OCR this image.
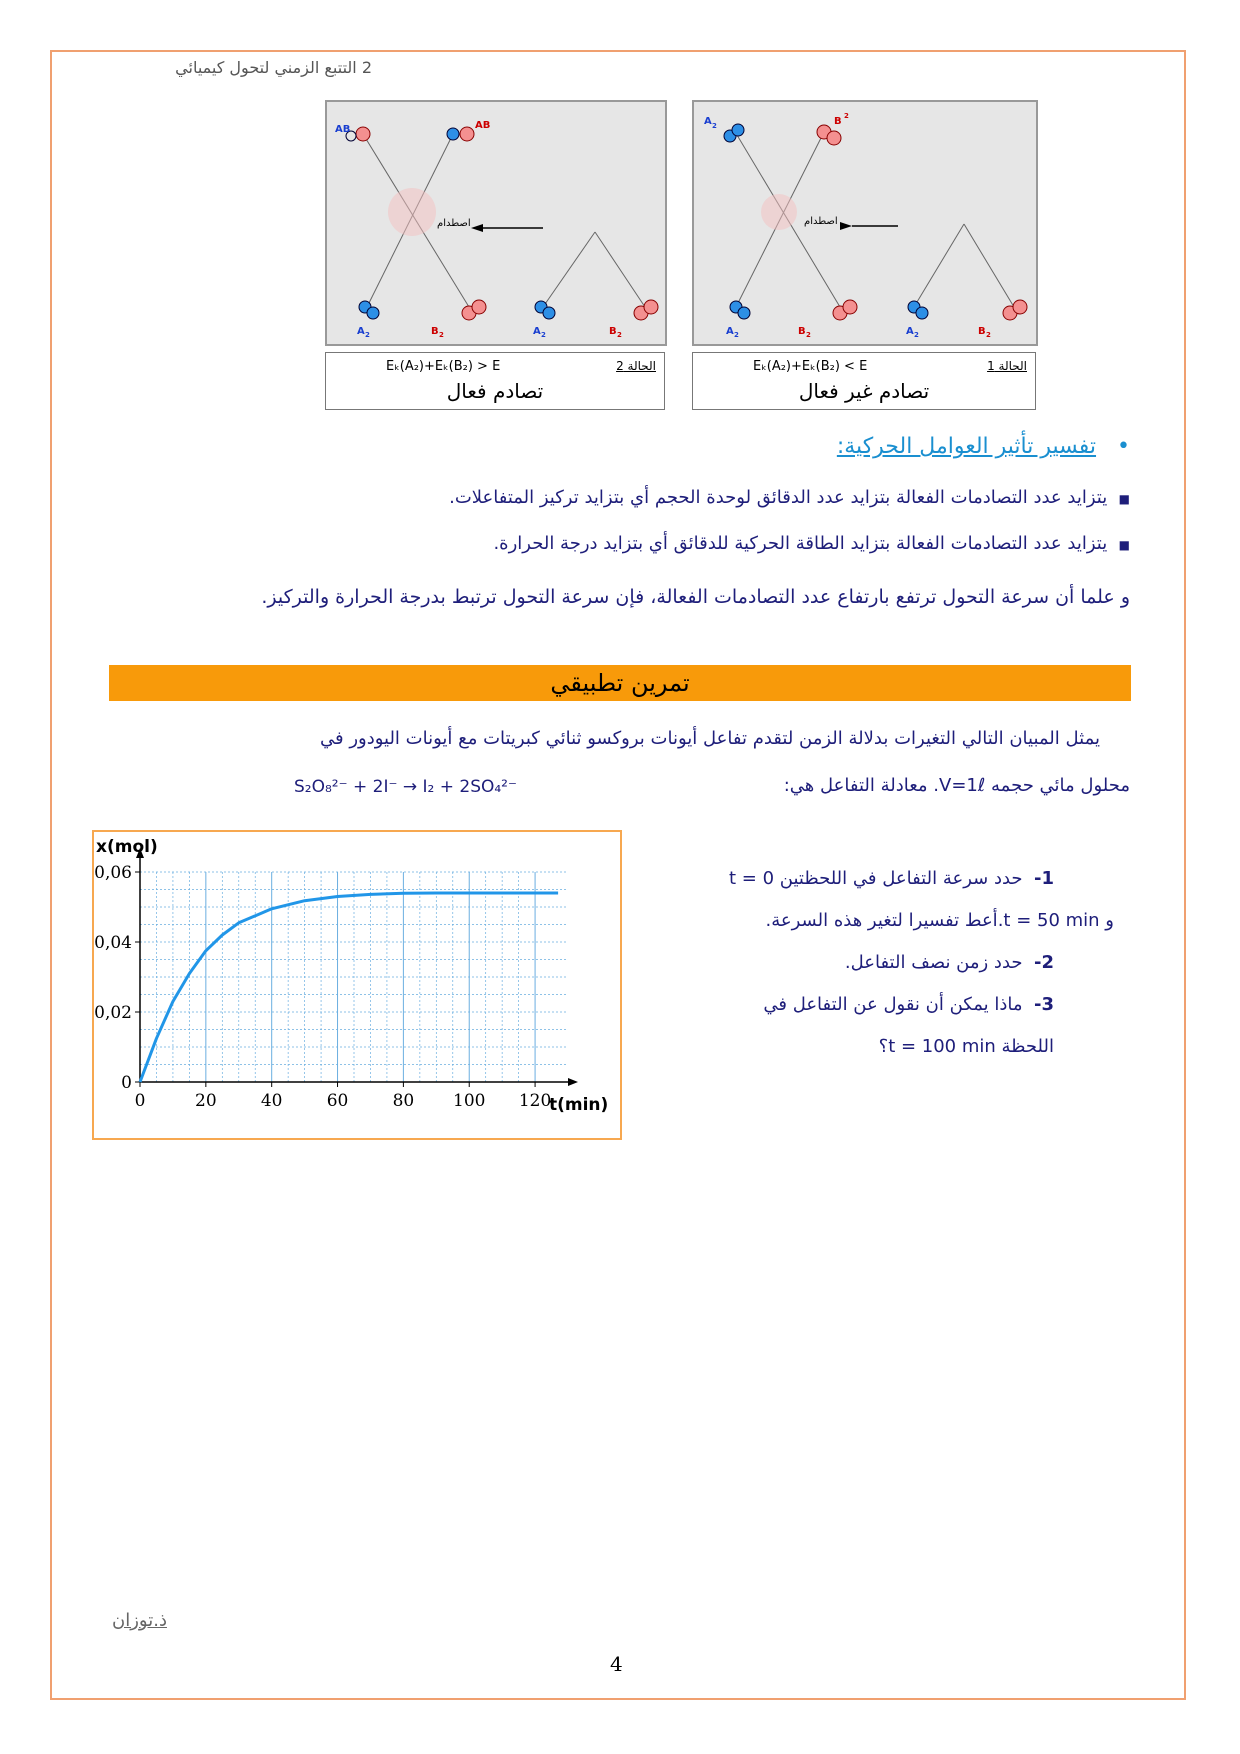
2 التتبع الزمني لتحول كيميائي
A 2	B 2
A 2	B 2	A 2	B 2
اصطدام
AB	AB
A 2	B 2	A 2	B 2
اصطدام
Eₖ(A₂)+Eₖ(B₂) > E	الحالة 2
تصادم فعال
Eₖ(A₂)+Eₖ(B₂) < E	الحالة 1
تصادم غير فعال
•   تفسير تأثير العوامل الحركية:
■   يتزايد عدد التصادمات الفعالة بتزايد عدد الدقائق لوحدة الحجم أي بتزايد تركيز المتفاعلات.
■   يتزايد عدد التصادمات الفعالة بتزايد الطاقة الحركية للدقائق أي بتزايد درجة الحرارة.
و علما أن سرعة التحول ترتفع بارتفاع عدد التصادمات الفعالة، فإن سرعة التحول ترتبط بدرجة الحرارة والتركيز.
تمرين تطبيقي
يمثل المبيان التالي التغيرات بدلالة الزمن لتقدم تفاعل أيونات بروكسو ثنائي كبريتات مع أيونات اليودور في
محلول مائي حجمه V=1ℓ. معادلة التفاعل هي:
S₂O₈²⁻ + 2I⁻ → I₂ + 2SO₄²⁻
1-  حدد سرعة التفاعل في اللحظتين t = 0
و t = 50 min.أعط تفسيرا لتغير هذه السرعة.
2-  حدد زمن نصف التفاعل.
3-  ماذا يمكن أن نقول عن التفاعل في
اللحظة t = 100 min؟
0	20	40	60	80 100 120
0
0,02
0,04
0,06
x(mol)
t(min)
ذ.توزان
4
